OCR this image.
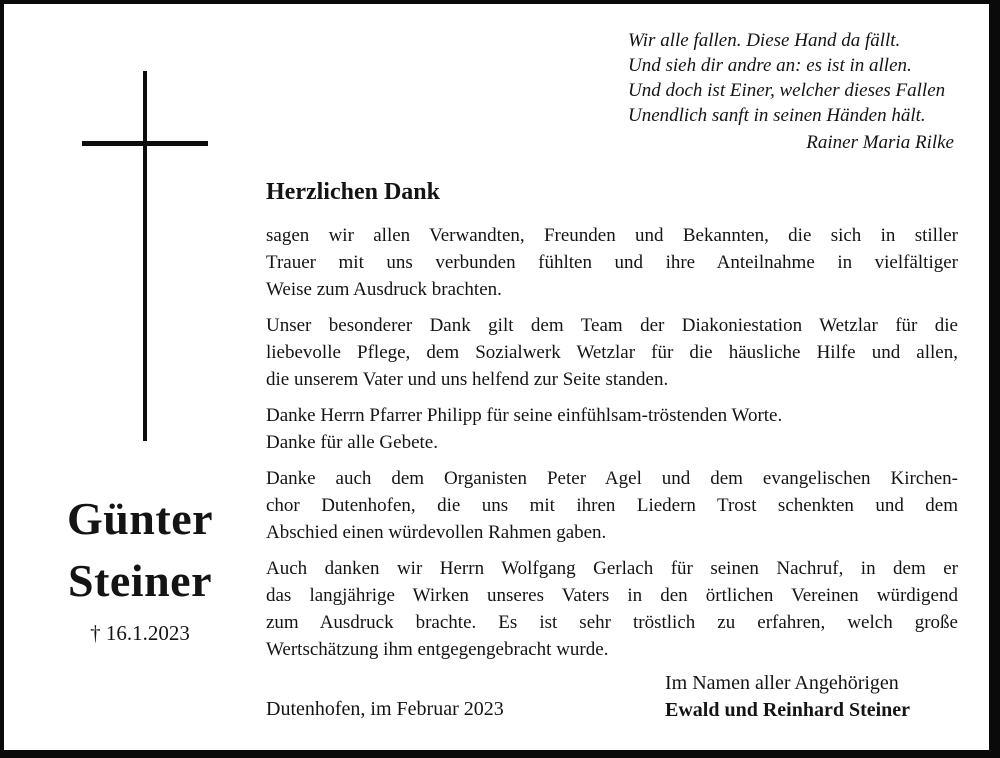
Wir alle fallen. Diese Hand da fällt.
Und sieh dir andre an: es ist in allen.
Und doch ist Einer, welcher dieses Fallen
Unendlich sanft in seinen Händen hält.
Rainer Maria Rilke
Günter
Steiner
† 16.1.2023
Herzlichen Dank
sagen wir allen Verwandten, Freunden und Bekannten, die sich in stiller
Trauer mit uns verbunden fühlten und ihre Anteilnahme in vielfältiger
Weise zum Ausdruck brachten.
Unser besonderer Dank gilt dem Team der Diakoniestation Wetzlar für die
liebevolle Pflege, dem Sozialwerk Wetzlar für die häusliche Hilfe und allen,
die unserem Vater und uns helfend zur Seite standen.
Danke Herrn Pfarrer Philipp für seine einfühlsam-tröstenden Worte.
Danke für alle Gebete.
Danke auch dem Organisten Peter Agel und dem evangelischen Kirchen-
chor Dutenhofen, die uns mit ihren Liedern Trost schenkten und dem
Abschied einen würdevollen Rahmen gaben.
Auch danken wir Herrn Wolfgang Gerlach für seinen Nachruf, in dem er
das langjährige Wirken unseres Vaters in den örtlichen Vereinen würdigend
zum Ausdruck brachte. Es ist sehr tröstlich zu erfahren, welch große
Wertschätzung ihm entgegengebracht wurde.
Dutenhofen, im Februar 2023
Im Namen aller Angehörigen
Ewald und Reinhard Steiner
